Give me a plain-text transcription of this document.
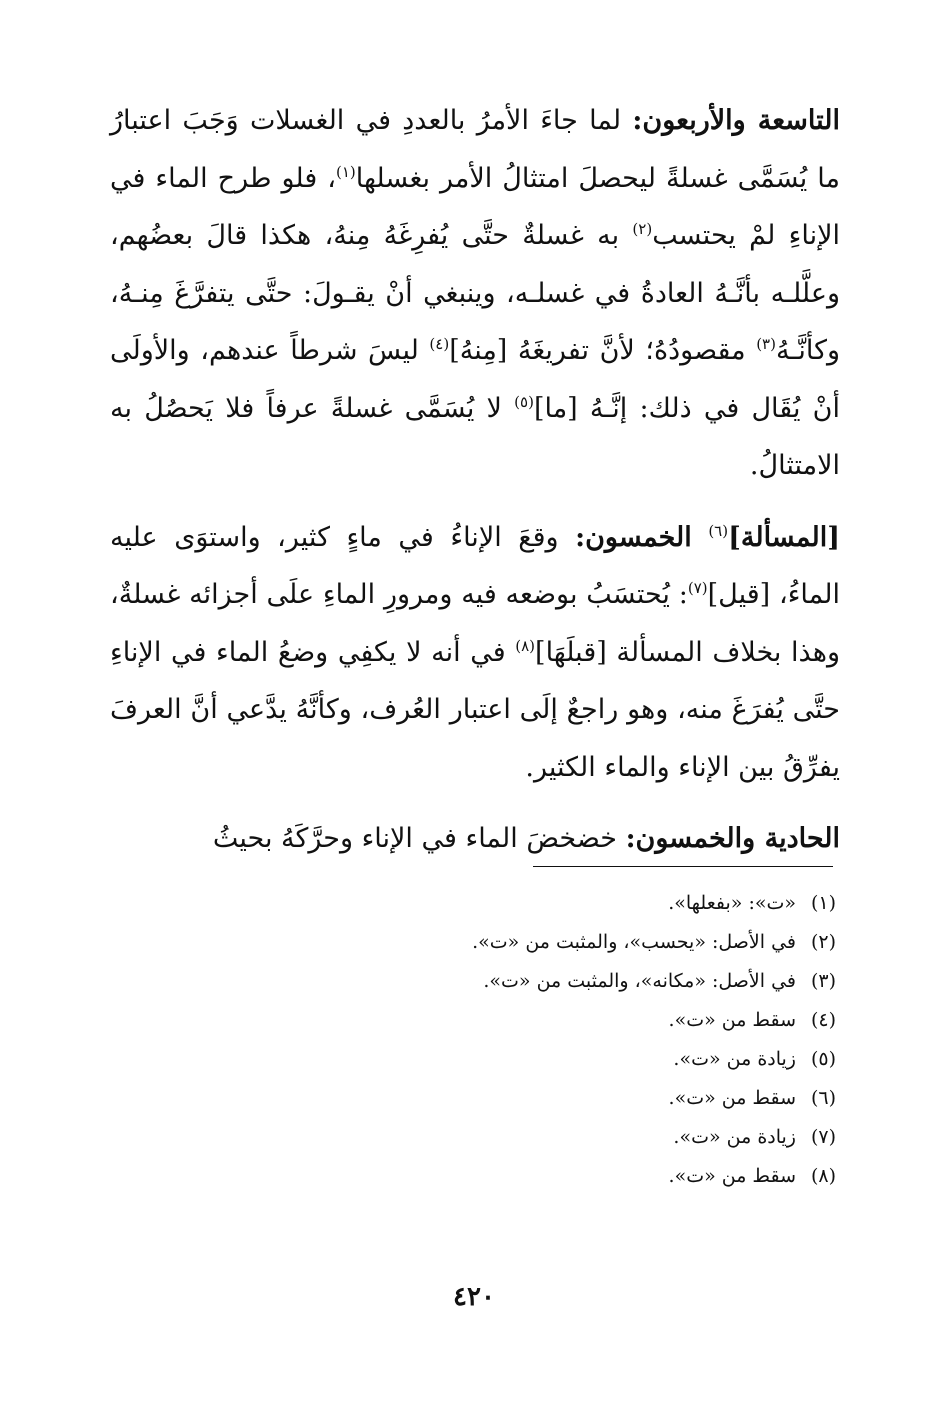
التاسعة والأربعون: لما جاءَ الأمرُ بالعددِ في الغسلات وَجَبَ اعتبارُ ما يُسَمَّى غسلةً ليحصلَ امتثالُ الأمر بغسلها$^{(١)}$، فلو طرح الماء في الإناءِ لمْ يحتسب$^{(٢)}$ به غسلةٌ حتَّى يُفرِغَهُ مِنهُ، هكذا قالَ بعضُهم، وعلَّلـه بأنَّـهُ العادةُ في غسلـه، وينبغي أنْ يقـولَ: حتَّى يتفرَّغَ مِنـهُ، وكأنَّـهُ$^{(٣)}$ مقصودُهُ؛ لأنَّ تفريغَهُ [مِنهُ]$^{(٤)}$ ليسَ شرطاً عندهم، والأولَى أنْ يُقَال في ذلك: إنَّـهُ [ما]$^{(٥)}$ لا يُسَمَّى غسلةً عرفاً فلا يَحصُلُ به الامتثالُ.

[المسألة]$^{(٦)}$ الخمسون: وقعَ الإناءُ في ماءٍ كثير، واستوَى عليه الماءُ، [قيل]$^{(٧)}$: يُحتسَبُ بوضعه فيه ومرورِ الماءِ علَى أجزائه غسلةٌ، وهذا بخلاف المسألة [قبلَهَا]$^{(٨)}$ في أنه لا يكفِي وضعُ الماء في الإناءِ حتَّى يُفرَغَ منه، وهو راجعٌ إلَى اعتبار العُرف، وكأنَّهُ يدَّعي أنَّ العرفَ يفرِّقُ بين الإناء والماء الكثير.

الحادية والخمسون: خضخضَ الماء في الإناء وحرَّكَهُ بحيثُ

(١)«ت»: «بفعلها».
(٢)في الأصل: «يحسب»، والمثبت من «ت».
(٣)في الأصل: «مكانه»، والمثبت من «ت».
(٤)سقط من «ت».
(٥)زيادة من «ت».
(٦)سقط من «ت».
(٧)زيادة من «ت».
(٨)سقط من «ت».
٤٢٠
